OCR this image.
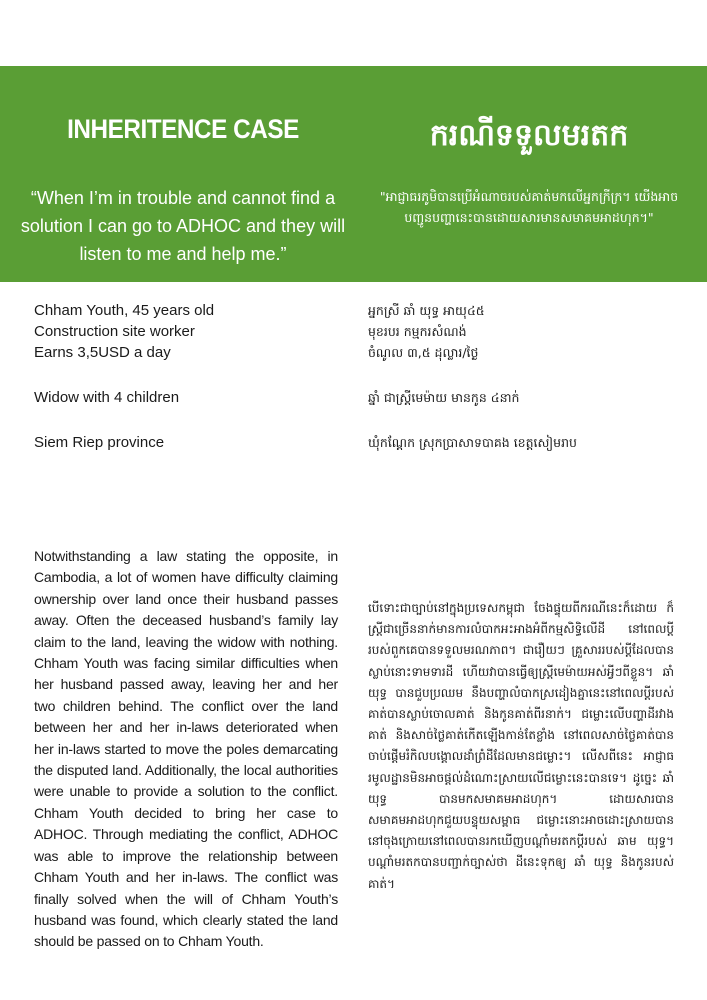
INHERITENCE CASE

“When I’m in trouble and cannot find a solution I can go to ADHOC and they will listen to me and help me.”

ករណីទទួលមរតក

"អាជ្ញាធរភូមិបានប្រើអំណាចរបស់គាត់មកលើអ្នកក្រីក្រ។ យើងអាចបញ្ជូនបញ្ហានេះបានដោយសារមានសមាគមអាដហុក។"

Chham Youth, 45 years old

Construction site worker

Earns 3,5USD a day

Widow with 4 children

Siem Riep province

អ្នកស្រី ឆាំ យុទ្ធ អាយុ៤៥

មុខរបរ កម្មករសំណង់

ចំណូល ៣,៥ ដុល្លារ/ថ្ងៃ

ឆ្នាំ ជាស្ត្រីមេម៉ាយ មានកូន ៤នាក់

ឃុំកណ្ដែក ស្រុកប្រាសាទបាគង ខេត្តសៀមរាប

Notwithstanding a law stating the opposite, in Cambodia, a lot of women have difficulty claiming ownership over land once their husband passes away. Often the deceased husband’s family lay claim to the land, leaving the widow with nothing. Chham Youth was facing similar difficulties when her husband passed away, leaving her and her two children behind. The conflict over the land between her and her in-laws deteriorated when her in-laws started to move the poles demarcating the disputed land. Additionally, the local authorities were unable to provide a solution to the conflict. Chham Youth decided to bring her case to ADHOC. Through mediating the conflict, ADHOC was able to improve the relationship between Chham Youth and her in-laws. The conflict was finally solved when the will of Chham Youth’s husband was found, which clearly stated the land should be passed on to Chham Youth.

បើទោះជាច្បាប់នៅក្នុងប្រទេសកម្ពុជា ចែងផ្ទុយពីករណីនេះក៏ដោយ ក៏ស្ត្រីជាច្រើននាក់មានការលំបាកអះអាងអំពីកម្មសិទ្ធិលើដី នៅពេលប្ដីរបស់ពួកគេបានទទួលមរណភាព។ ជារឿយៗ គ្រួសាររបស់ប្ដីដែលបានស្លាប់នោះទាមទារដី ហើយវាបានធ្វើឲ្យស្ត្រីមេម៉ាយអស់អ្វីៗពីខ្លួន។ ឆាំ យុទ្ធ បានជួបប្រឈម នឹងបញ្ហាលំបាកស្រដៀងគ្នានេះនៅពេលប្ដីរបស់គាត់បានស្លាប់ចោលគាត់ និងកូនគាត់ពីរនាក់។ ជម្លោះលើបញ្ហាដីរវាងគាត់ និងសាច់ថ្លៃគាត់កើតឡើងកាន់តែខ្លាំង នៅពេលសាច់ថ្លៃគាត់បានចាប់ផ្ដើមរំកិលបង្គោលដាំព្រំដីដែលមានជម្លោះ។ លើសពីនេះ អាជ្ញាធរមូលដ្ឋានមិនអាចផ្ដល់ដំណោះស្រាយលើជម្លោះនេះបានទេ។ ដូច្នេះ ឆាំ យុទ្ធ បានមកសមាគមអាដហុក។ ដោយសារបានសមាគមអាដហុកជួយបន្ទុយសម្ពាធ ជម្លោះនោះអាចដោះស្រាយបាននៅចុងក្រោយនៅពេលបានរកឃើញបណ្ដាំមរតកប្ដីរបស់ ឆាម យុទ្ធ។ បណ្ដាំមរតកបានបញ្ជាក់ច្បាស់ថា ដីនេះទុកឲ្យ ឆាំ យុទ្ធ និងកូនរបស់គាត់។
